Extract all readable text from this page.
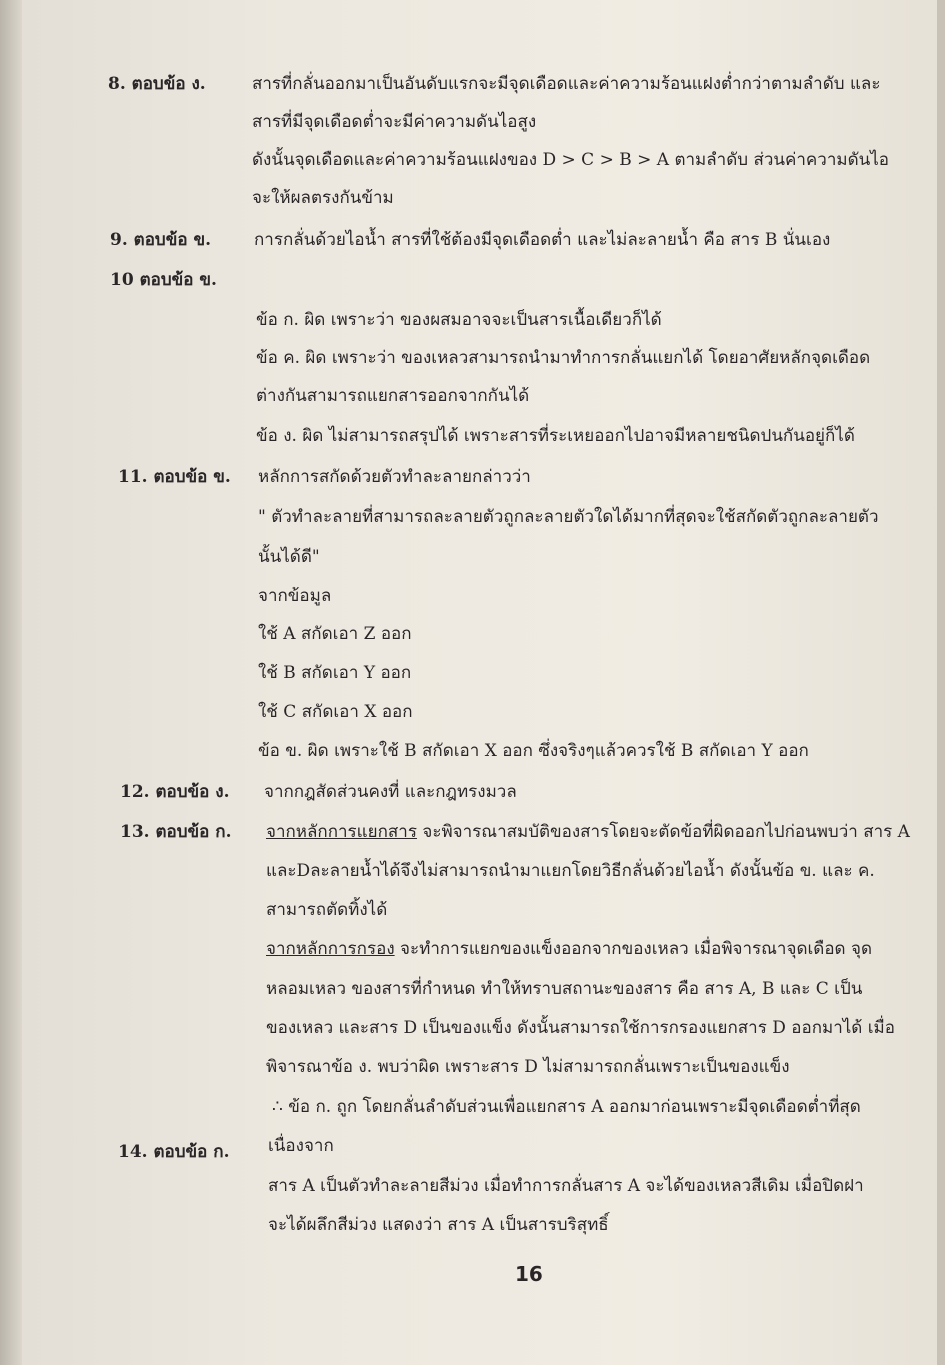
8. ตอบข้อ ง.	สารที่กลั่นออกมาเป็นอันดับแรกจะมีจุดเดือดและค่าความร้อนแฝงต่ำกว่าตามลำดับ และ
สารที่มีจุดเดือดต่ำจะมีค่าความดันไอสูง
ดังนั้นจุดเดือดและค่าความร้อนแฝงของ D > C > B > A ตามลำดับ ส่วนค่าความดันไอ
จะให้ผลตรงกันข้าม
9. ตอบข้อ ข.	การกลั่นด้วยไอน้ำ สารที่ใช้ต้องมีจุดเดือดต่ำ และไม่ละลายน้ำ คือ สาร B นั่นเอง
10 ตอบข้อ ข.
ข้อ ก. ผิด เพราะว่า ของผสมอาจจะเป็นสารเนื้อเดียวก็ได้
ข้อ ค. ผิด เพราะว่า ของเหลวสามารถนำมาทำการกลั่นแยกได้ โดยอาศัยหลักจุดเดือด
ต่างกันสามารถแยกสารออกจากกันได้
ข้อ ง. ผิด ไม่สามารถสรุปได้ เพราะสารที่ระเหยออกไปอาจมีหลายชนิดปนกันอยู่ก็ได้
11. ตอบข้อ ข. หลักการสกัดด้วยตัวทำละลายกล่าวว่า
" ตัวทำละลายที่สามารถละลายตัวถูกละลายตัวใดได้มากที่สุดจะใช้สกัดตัวถูกละลายตัว
นั้นได้ดี"
จากข้อมูล
ใช้ A สกัดเอา Z ออก
ใช้ B สกัดเอา Y ออก
ใช้ C สกัดเอา X ออก
ข้อ ข. ผิด เพราะใช้ B สกัดเอา X ออก ซึ่งจริงๆแล้วควรใช้ B สกัดเอา Y ออก
12. ตอบข้อ ง. จากกฎสัดส่วนคงที่ และกฎทรงมวล
13. ตอบข้อ ก. จากหลักการแยกสาร จะพิจารณาสมบัติของสารโดยจะตัดข้อที่ผิดออกไปก่อนพบว่า สาร A
และDละลายน้ำได้จึงไม่สามารถนำมาแยกโดยวิธีกลั่นด้วยไอน้ำ ดังนั้นข้อ ข. และ ค.
สามารถตัดทิ้งได้
จากหลักการกรอง จะทำการแยกของแข็งออกจากของเหลว เมื่อพิจารณาจุดเดือด จุด
หลอมเหลว ของสารที่กำหนด ทำให้ทราบสถานะของสาร คือ สาร A, B และ C เป็น
ของเหลว และสาร D เป็นของแข็ง ดังนั้นสามารถใช้การกรองแยกสาร D ออกมาได้ เมื่อ
พิจารณาข้อ ง. พบว่าผิด เพราะสาร D ไม่สามารถกลั่นเพราะเป็นของแข็ง
∴ ข้อ ก. ถูก โดยกลั่นลำดับส่วนเพื่อแยกสาร A ออกมาก่อนเพราะมีจุดเดือดต่ำที่สุด
14. ตอบข้อ ก. เนื่องจาก
สาร A เป็นตัวทำละลายสีม่วง เมื่อทำการกลั่นสาร A จะได้ของเหลวสีเดิม เมื่อปิดฝา
จะได้ผลึกสีม่วง แสดงว่า สาร A เป็นสารบริสุทธิ์
16
